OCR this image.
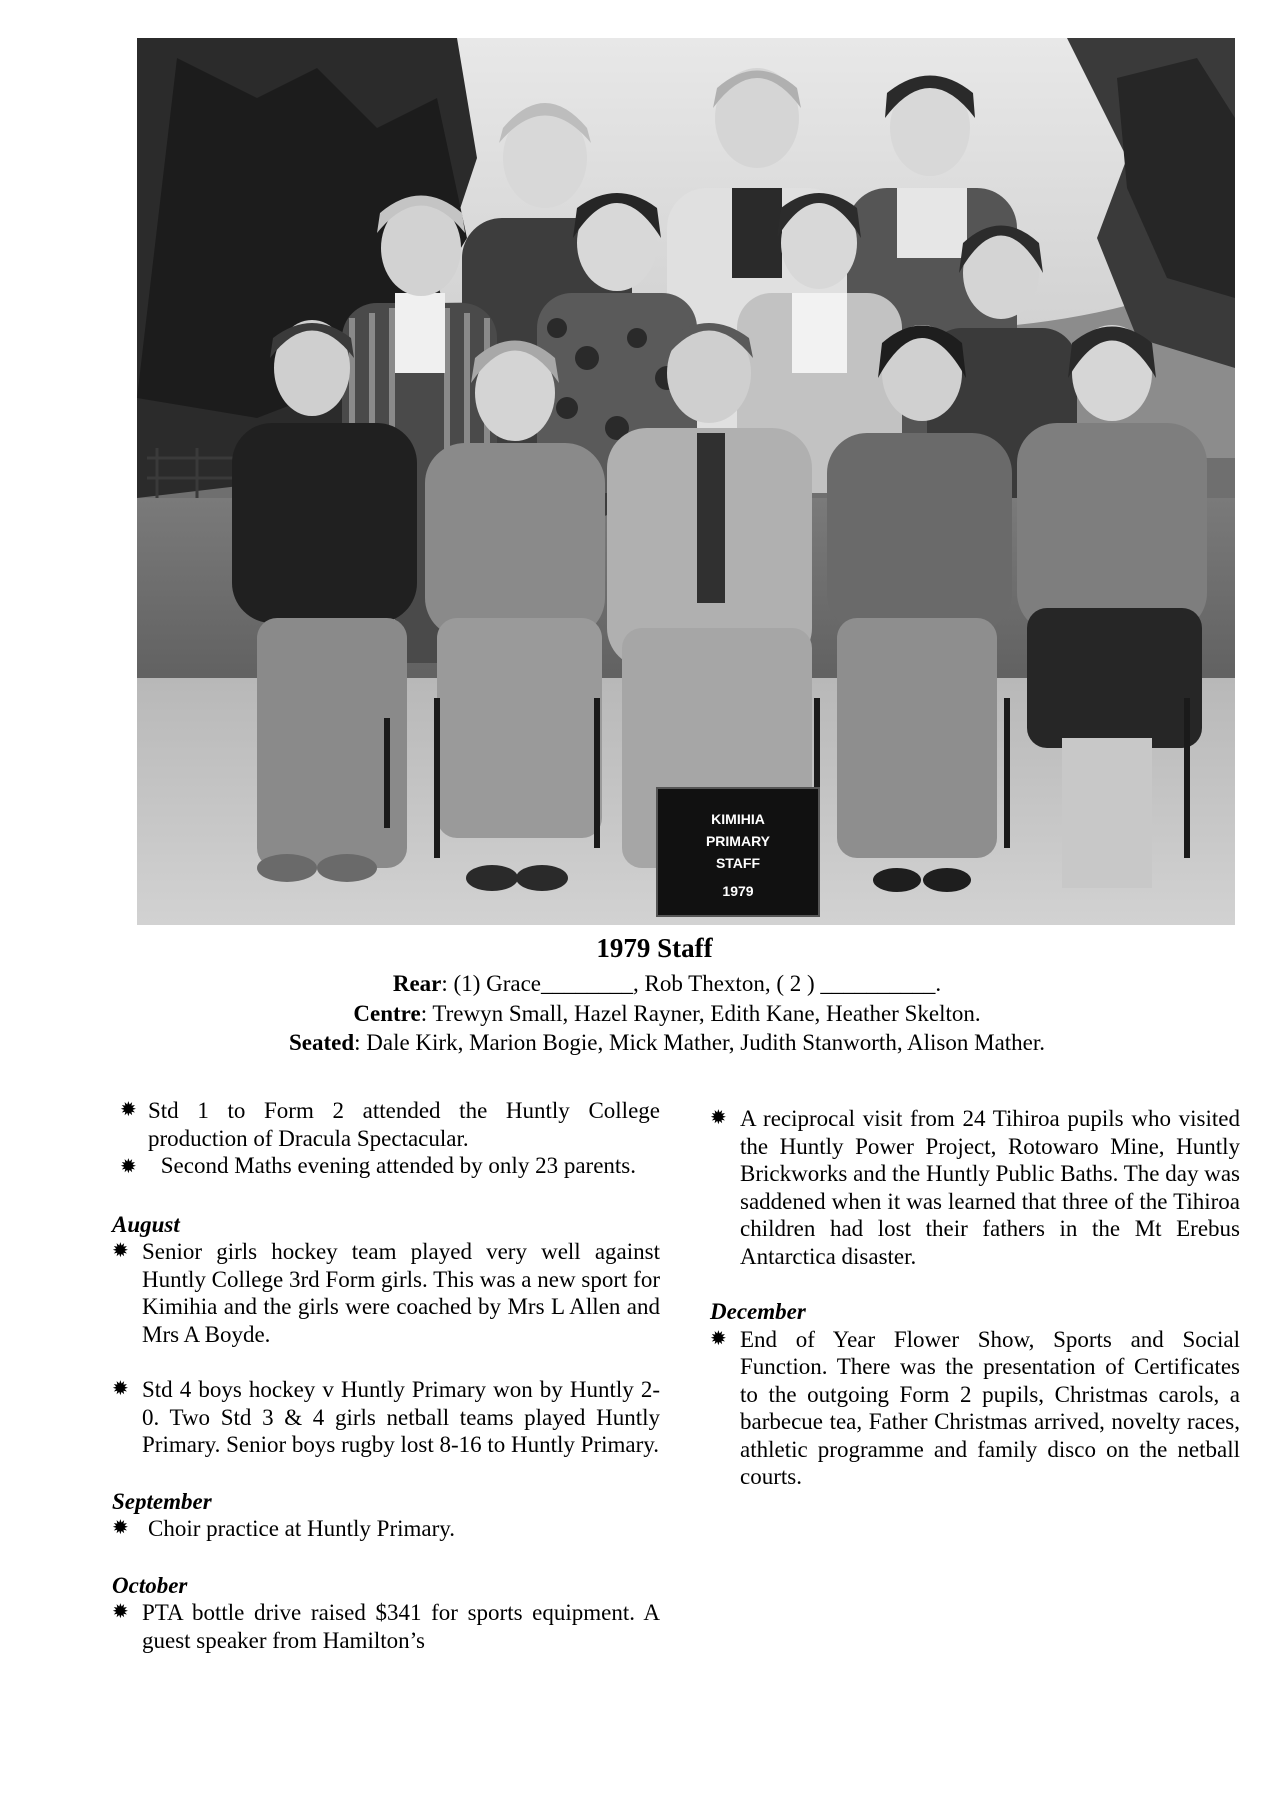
KIMIHIA
PRIMARY
STAFF
1979
1979 Staff
Rear: (1) Grace________, Rob Thexton, ( 2 ) __________.
Centre: Trewyn Small, Hazel Rayner, Edith Kane, Heather Skelton.
Seated: Dale Kirk, Marion Bogie, Mick Mather, Judith Stanworth, Alison Mather.

✹ Std 1 to Form 2 attended the Huntly College production of Dracula Spectacular.

✹ Second Maths evening attended by only 23 parents.

August

✹ Senior girls hockey team played very well against Huntly College 3rd Form girls. This was a new sport for Kimihia and the girls were coached by Mrs L Allen and Mrs A Boyde.

✹ Std 4 boys hockey v Huntly Primary won by Huntly 2-0. Two Std 3 & 4 girls netball teams played Huntly Primary. Senior boys rugby lost 8-16 to Huntly Primary.

September

✹ Choir practice at Huntly Primary.

October

✹ PTA bottle drive raised $341 for sports equipment. A guest speaker from Hamilton’s

✹ A reciprocal visit from 24 Tihiroa pupils who visited the Huntly Power Project, Rotowaro Mine, Huntly Brickworks and the Huntly Public Baths. The day was saddened when it was learned that three of the Tihiroa children had lost their fathers in the Mt Erebus Antarctica disaster.

December

✹ End of Year Flower Show, Sports and Social Function. There was the presentation of Certificates to the outgoing Form 2 pupils, Christmas carols, a barbecue tea, Father Christmas arrived, novelty races, athletic programme and family disco on the netball courts.
